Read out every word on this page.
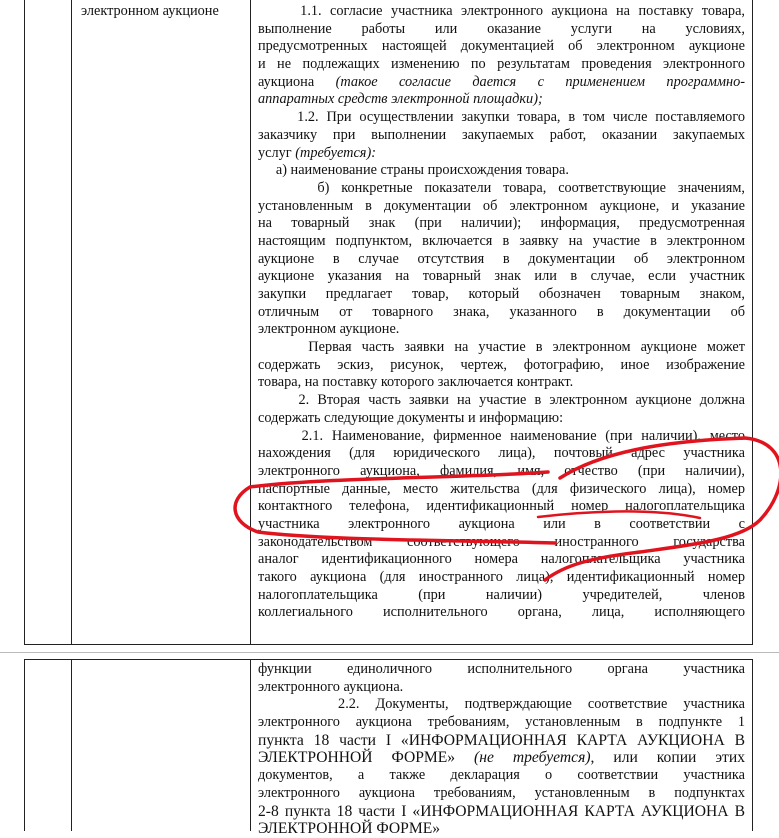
электронном аукционе	1.1. согласие участника электронного аукциона на поставку товара,
выполнение работы или оказание услуги на условиях,
предусмотренных настоящей документацией об электронном аукционе
и не подлежащих изменению по результатам проведения электронного
аукциона (такое согласие дается с применением программно-
аппаратных средств электронной площадки);
1.2. При осуществлении закупки товара, в том числе поставляемого
заказчику при выполнении закупаемых работ, оказании закупаемых
услуг (требуется):
а) наименование страны происхождения товара.
б) конкретные показатели товара, соответствующие значениям,
установленным в документации об электронном аукционе, и указание
на товарный знак (при наличии); информация, предусмотренная
настоящим подпунктом, включается в заявку на участие в электронном
аукционе в случае отсутствия в документации об электронном
аукционе указания на товарный знак или в случае, если участник
закупки предлагает товар, который обозначен товарным знаком,
отличным от товарного знака, указанного в документации об
электронном аукционе.
Первая часть заявки на участие в электронном аукционе может
содержать эскиз, рисунок, чертеж, фотографию, иное изображение
товара, на поставку которого заключается контракт.
2. Вторая часть заявки на участие в электронном аукционе должна
содержать следующие документы и информацию:
2.1. Наименование, фирменное наименование (при наличии), место
нахождения (для юридического лица), почтовый адрес участника
электронного аукциона, фамилия, имя, отчество (при наличии),
паспортные данные, место жительства (для физического лица), номер
контактного телефона, идентификационный номер налогоплательщика
участника электронного аукциона или в соответствии с
законодательством соответствующего иностранного государства
аналог идентификационного номера налогоплательщика участника
такого аукциона (для иностранного лица), идентификационный номер
налогоплательщика (при наличии) учредителей, членов
коллегиального исполнительного органа, лица, исполняющего
функции единоличного исполнительного органа участника
электронного аукциона.
2.2. Документы, подтверждающие соответствие участника
электронного аукциона требованиям, установленным в подпункте 1
пункта 18 части I «ИНФОРМАЦИОННАЯ КАРТА АУКЦИОНА В
ЭЛЕКТРОННОЙ ФОРМЕ» (не требуется), или копии этих
документов, а также декларация о соответствии участника
электронного аукциона требованиям, установленным в подпунктах
2-8 пункта 18 части I «ИНФОРМАЦИОННАЯ КАРТА АУКЦИОНА В
ЭЛЕКТРОННОЙ ФОРМЕ»
